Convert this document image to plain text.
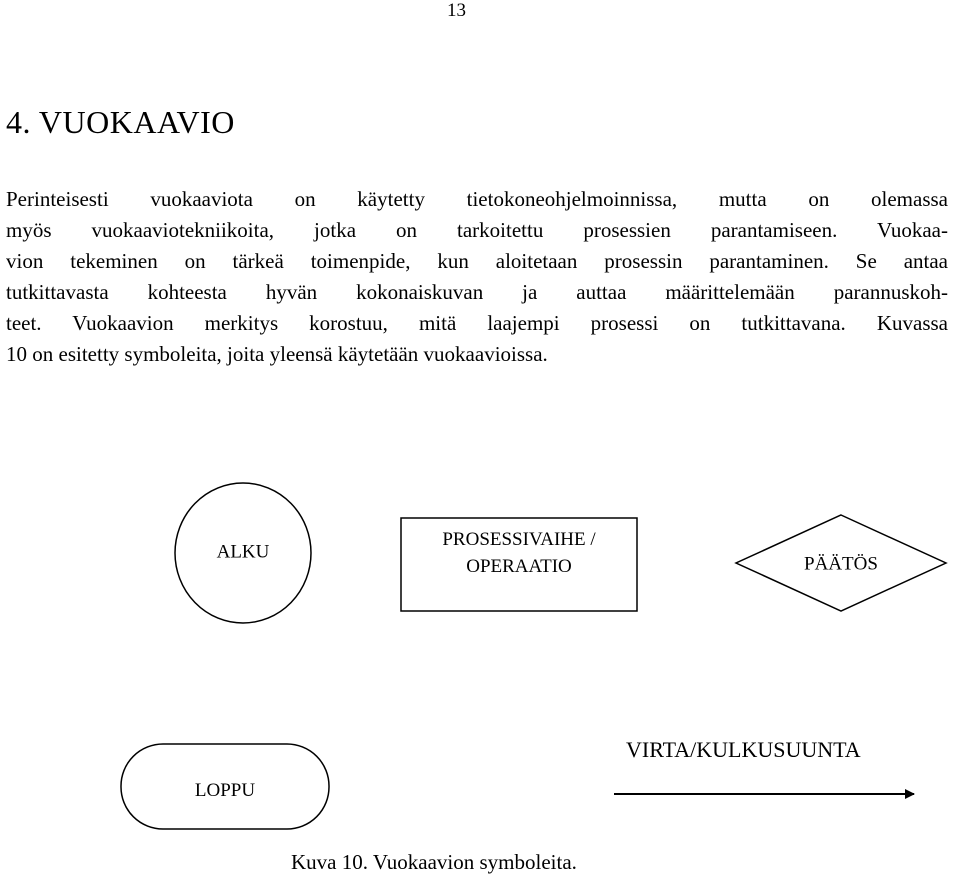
13
4. VUOKAAVIO
Perinteisesti vuokaaviota on käytetty tietokoneohjelmoinnissa, mutta on olemassa
myös vuokaaviotekniikoita, jotka on tarkoitettu prosessien parantamiseen. Vuokaa-
vion tekeminen on tärkeä toimenpide, kun aloitetaan prosessin parantaminen. Se antaa
tutkittavasta kohteesta hyvän kokonaiskuvan ja auttaa määrittelemään parannuskoh-
teet. Vuokaavion merkitys korostuu, mitä laajempi prosessi on tutkittavana. Kuvassa
10 on esitetty symboleita, joita yleensä käytetään vuokaavioissa.
ALKU
PROSESSIVAIHE /
OPERAATIO	PÄÄTÖS
LOPPU
VIRTA/KULKUSUUNTA
Kuva 10. Vuokaavion symboleita.
